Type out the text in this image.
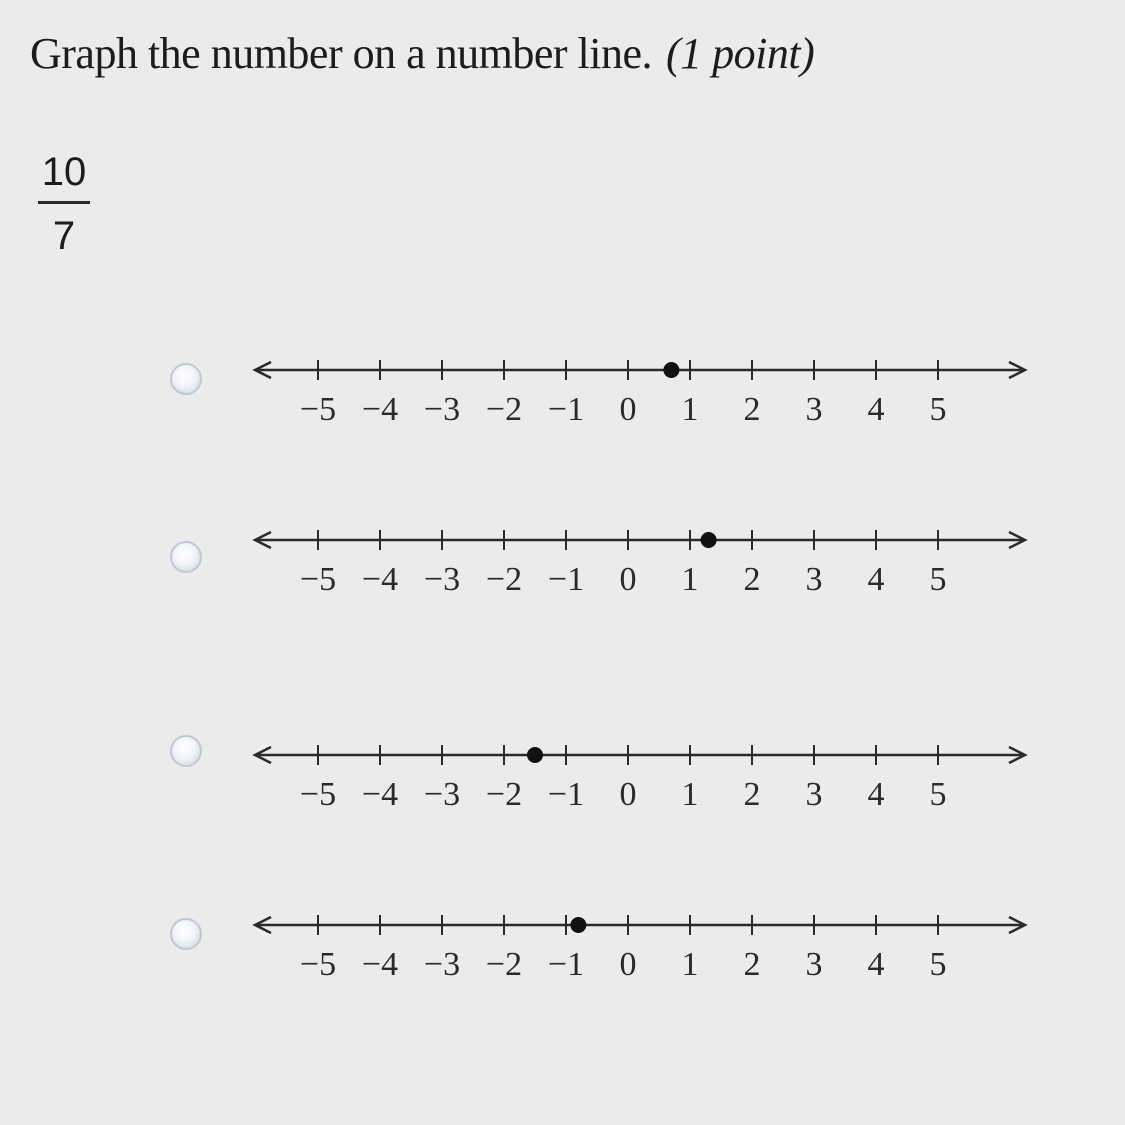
Graph the number on a number line. (1 point)
10
7
−5 −4 −3 −2 −1 0 1 2 3 4 5
−5 −4 −3 −2 −1 0 1 2 3 4 5
−5 −4 −3 −2 −1 0 1 2 3 4 5
−5 −4 −3 −2 −1 0 1 2 3 4 5
